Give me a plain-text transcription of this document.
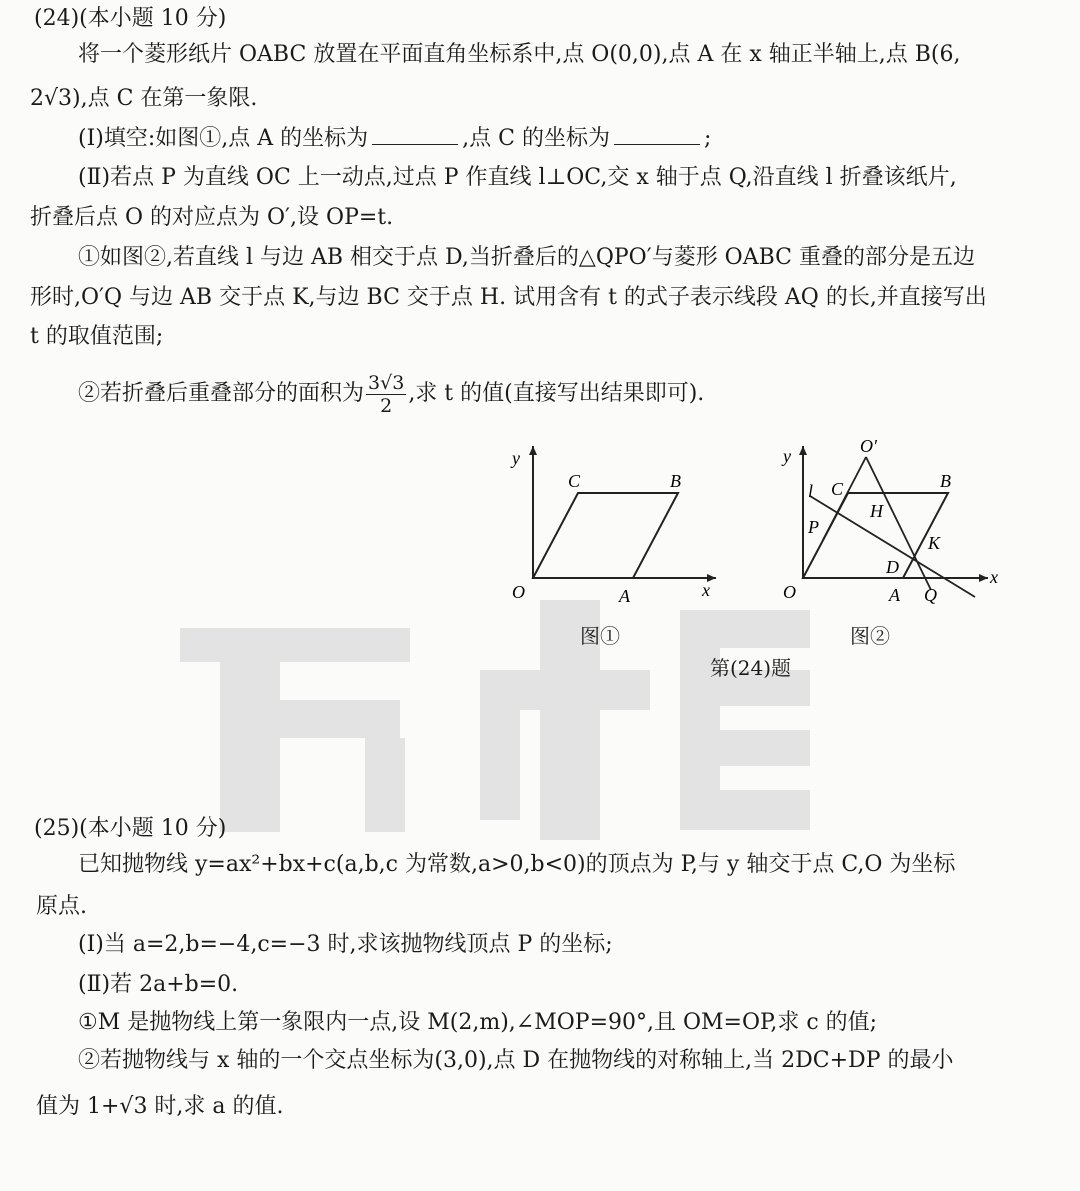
(24)(本小题 10 分)
将一个菱形纸片 OABC 放置在平面直角坐标系中,点 O(0,0),点 A 在 x 轴正半轴上,点 B(6,
2√3),点 C 在第一象限.
(Ⅰ)填空:如图①,点 A 的坐标为	,点 C 的坐标为	;
(Ⅱ)若点 P 为直线 OC 上一动点,过点 P 作直线 l⊥OC,交 x 轴于点 Q,沿直线 l 折叠该纸片,
折叠后点 O 的对应点为 O′,设 OP=t.
①如图②,若直线 l 与边 AB 相交于点 D,当折叠后的△QPO′与菱形 OABC 重叠的部分是五边
形时,O′Q 与边 AB 交于点 K,与边 BC 交于点 H. 试用含有 t 的式子表示线段 AQ 的长,并直接写出
t 的取值范围;
②若折叠后重叠部分的面积为 $\frac{3√3}{2}$ ,求 t 的值(直接写出结果即可).
y
x
O	A
B
C
图①
y
x
O	A
B
C
O′
l
P
H
K
D
Q
图②
第(24)题
(25)(本小题 10 分)
已知抛物线 y=ax²+bx+c(a,b,c 为常数,a>0,b<0)的顶点为 P,与 y 轴交于点 C,O 为坐标
原点.
(Ⅰ)当 a=2,b=−4,c=−3 时,求该抛物线顶点 P 的坐标;
(Ⅱ)若 2a+b=0.
①M 是抛物线上第一象限内一点,设 M(2,m),∠MOP=90°,且 OM=OP,求 c 的值;
②若抛物线与 x 轴的一个交点坐标为(3,0),点 D 在抛物线的对称轴上,当 2DC+DP 的最小
值为 1+√3 时,求 a 的值.
